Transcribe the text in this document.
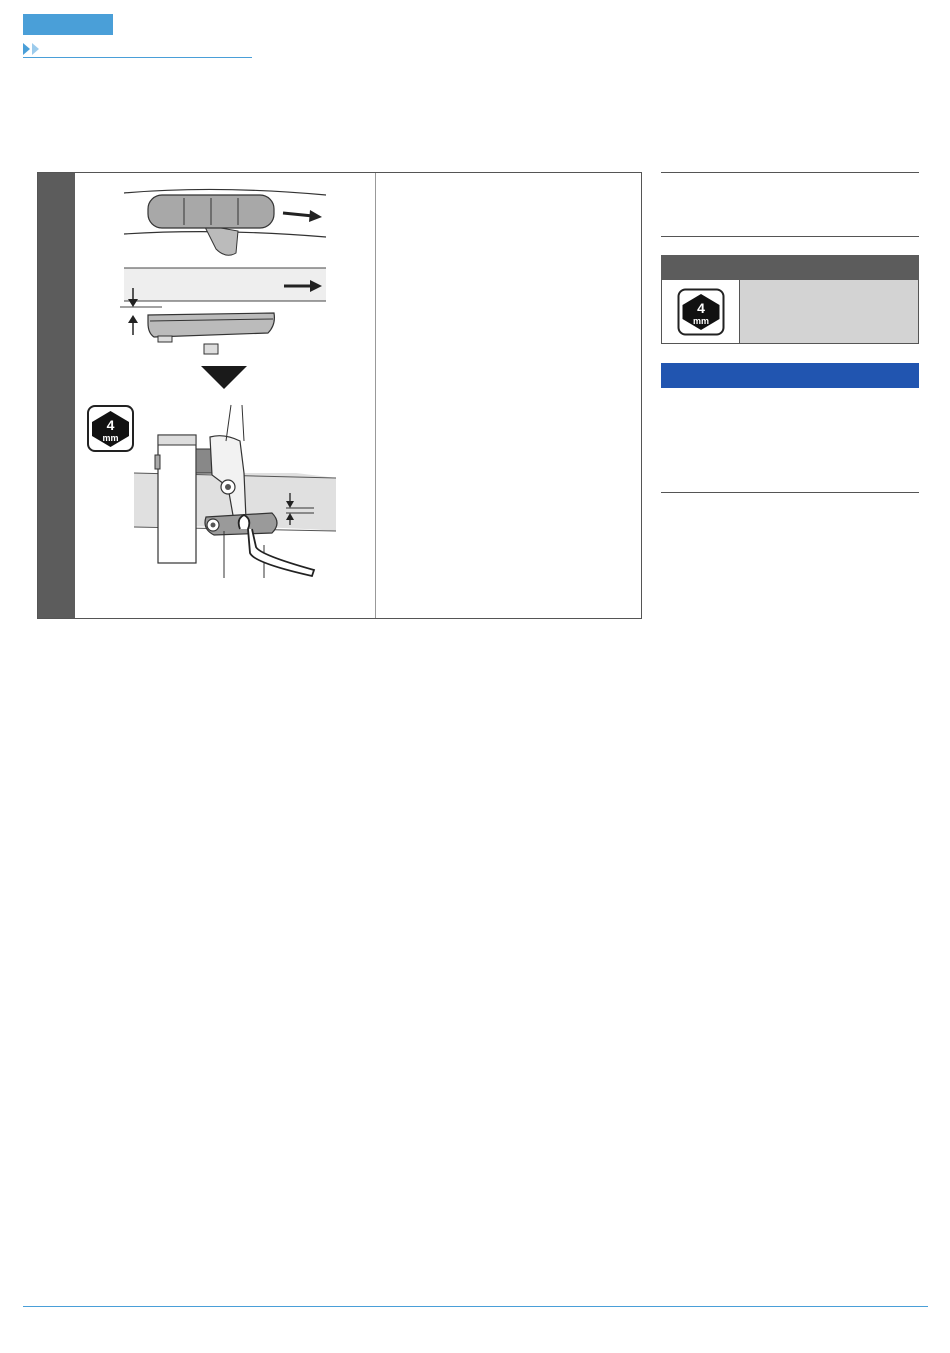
4
mm
4
mm
